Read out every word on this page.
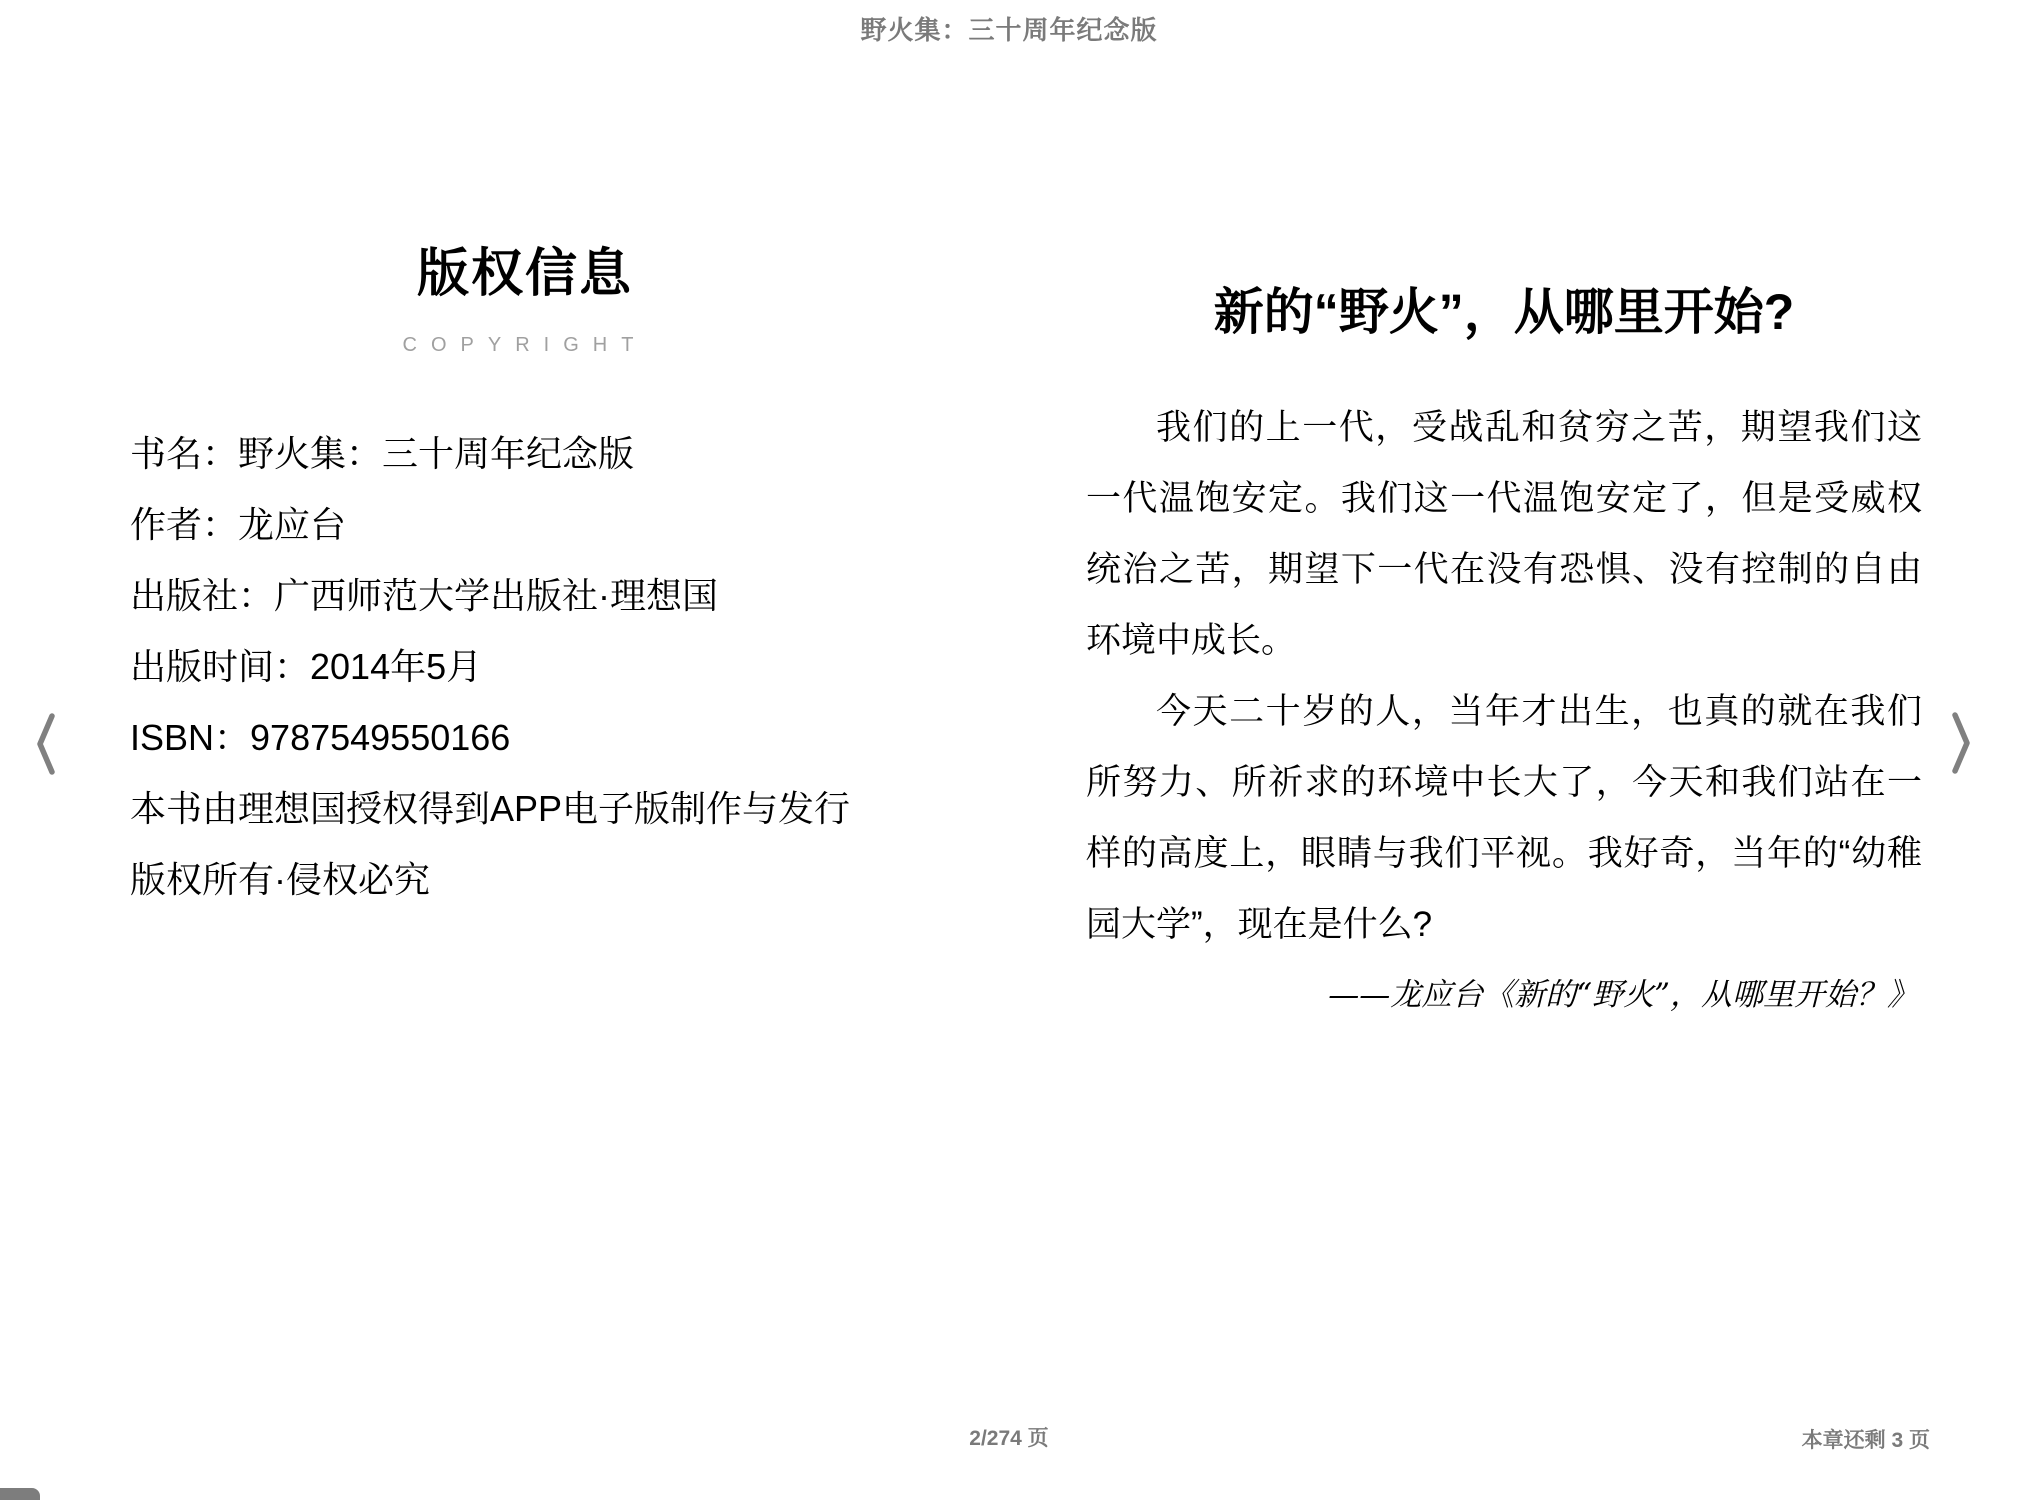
野火集：三十周年纪念版
版权信息
COPYRIGHT
书名：野火集：三十周年纪念版
作者：龙应台
出版社：广西师范大学出版社·理想国
出版时间：2014年5月
ISBN：9787549550166
本书由理想国授权得到APP电子版制作与发行
版权所有·侵权必究
新的“野火”，从哪里开始?

我们的上一代，受战乱和贫穷之苦，期望我们这一代温饱安定。我们这一代温饱安定了，但是受威权统治之苦，期望下一代在没有恐惧、没有控制的自由环境中成长。

今天二十岁的人，当年才出生，也真的就在我们所努力、所祈求的环境中长大了，今天和我们站在一样的高度上，眼睛与我们平视。我好奇，当年的“幼稚园大学”，现在是什么?

——龙应台《新的“野火”，从哪里开始？》

2/274 页	本章还剩 3 页
